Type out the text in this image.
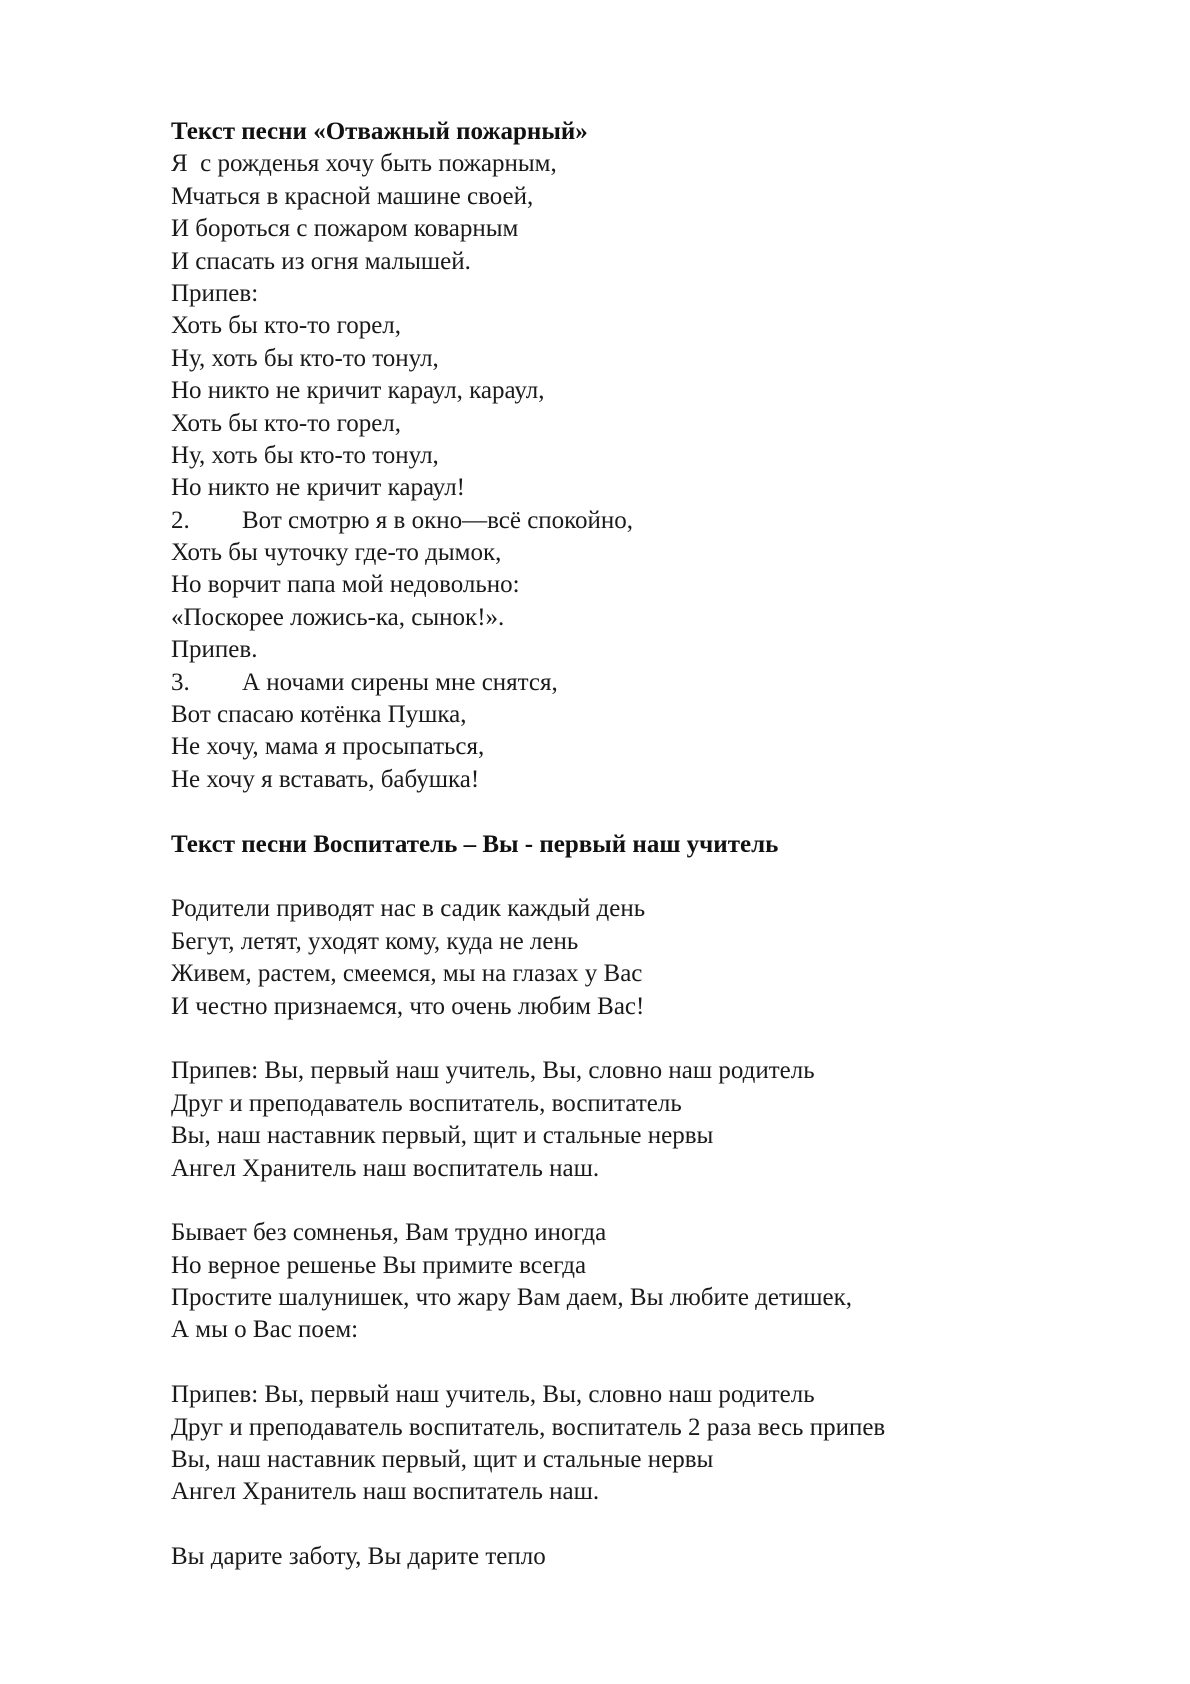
Текст песни «Отважный пожарный»
Я  с рожденья хочу быть пожарным,
Мчаться в красной машине своей,
И бороться с пожаром коварным
И спасать из огня малышей.
Припев:
Хоть бы кто-то горел,
Ну, хоть бы кто-то тонул,
Но никто не кричит караул, караул,
Хоть бы кто-то горел,
Ну, хоть бы кто-то тонул,
Но никто не кричит караул!
2. Вот смотрю я в окно—всё спокойно,
Хоть бы чуточку где-то дымок,
Но ворчит папа мой недовольно:
«Поскорее ложись-ка, сынок!».
Припев.
3. А ночами сирены мне снятся,
Вот спасаю котёнка Пушка,
Не хочу, мама я просыпаться,
Не хочу я вставать, бабушка!
Текст песни Воспитатель – Вы - первый наш учитель
Родители приводят нас в садик каждый день
Бегут, летят, уходят кому, куда не лень
Живем, растем, смеемся, мы на глазах у Вас
И честно признаемся, что очень любим Вас!
Припев: Вы, первый наш учитель, Вы, словно наш родитель
Друг и преподаватель воспитатель, воспитатель
Вы, наш наставник первый, щит и стальные нервы
Ангел Хранитель наш воспитатель наш.
Бывает без сомненья, Вам трудно иногда
Но верное решенье Вы примите всегда
Простите шалунишек, что жару Вам даем, Вы любите детишек,
А мы о Вас поем:
Припев: Вы, первый наш учитель, Вы, словно наш родитель
Друг и преподаватель воспитатель, воспитатель 2 раза весь припев
Вы, наш наставник первый, щит и стальные нервы
Ангел Хранитель наш воспитатель наш.
Вы дарите заботу, Вы дарите тепло
